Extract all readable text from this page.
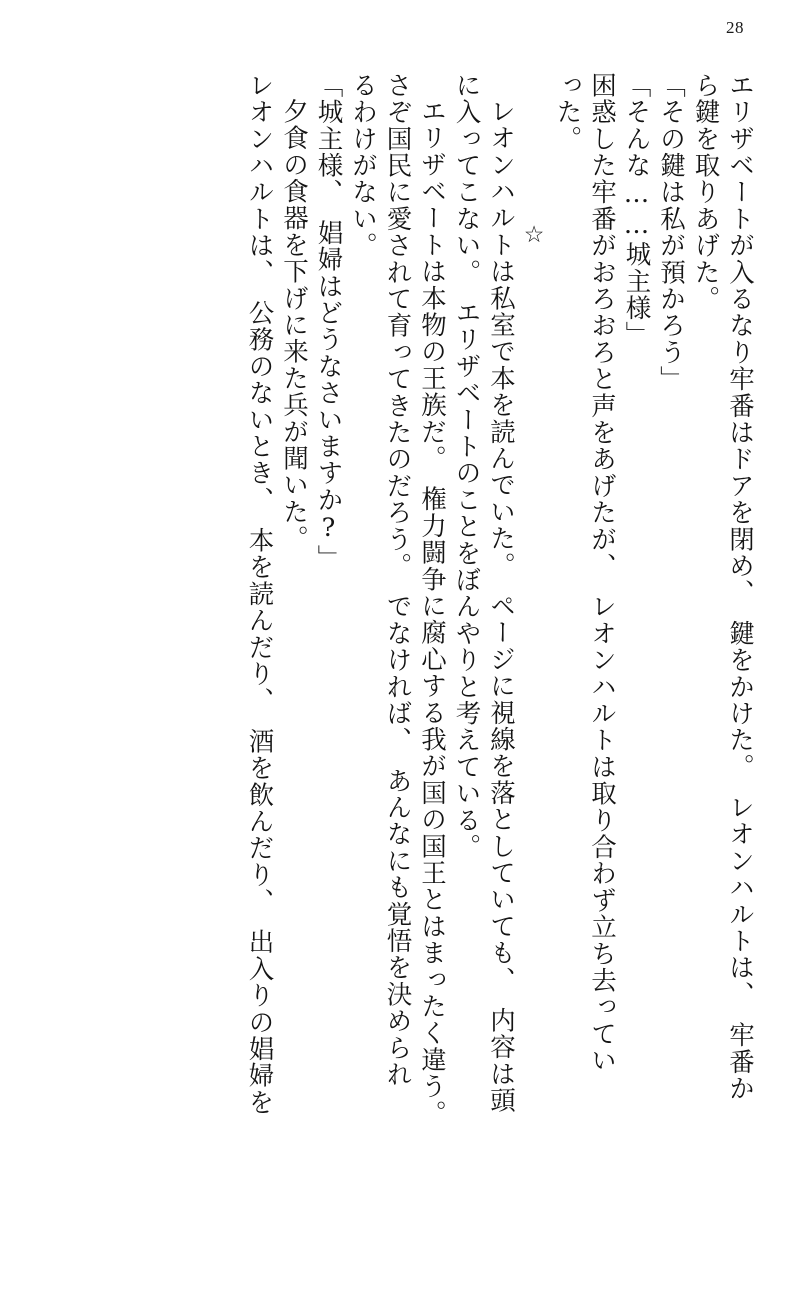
28
エリザベートが入るなり牢番はドアを閉め、　鍵をかけた。　レオンハルトは、　牢番か
ら鍵を取りあげた。
「その鍵は私が預かろう」
「そんな……城主様」
困惑した牢番がおろおろと声をあげたが、　レオンハルトは取り合わず立ち去ってい
った。
☆
レオンハルトは私室で本を読んでいた。　ページに視線を落としていても、　内容は頭
に入ってこない。　エリザベートのことをぼんやりと考えている。
エリザベートは本物の王族だ。　権力闘争に腐心する我が国の国王とはまったく違う。
さぞ国民に愛されて育ってきたのだろう。　でなければ、　あんなにも覚悟を決められ
るわけがない。
「城主様、　娼婦はどうなさいますか?」
夕食の食器を下げに来た兵が聞いた。
レオンハルトは、　公務のないとき、　本を読んだり、　酒を飲んだり、　出入りの娼婦を
